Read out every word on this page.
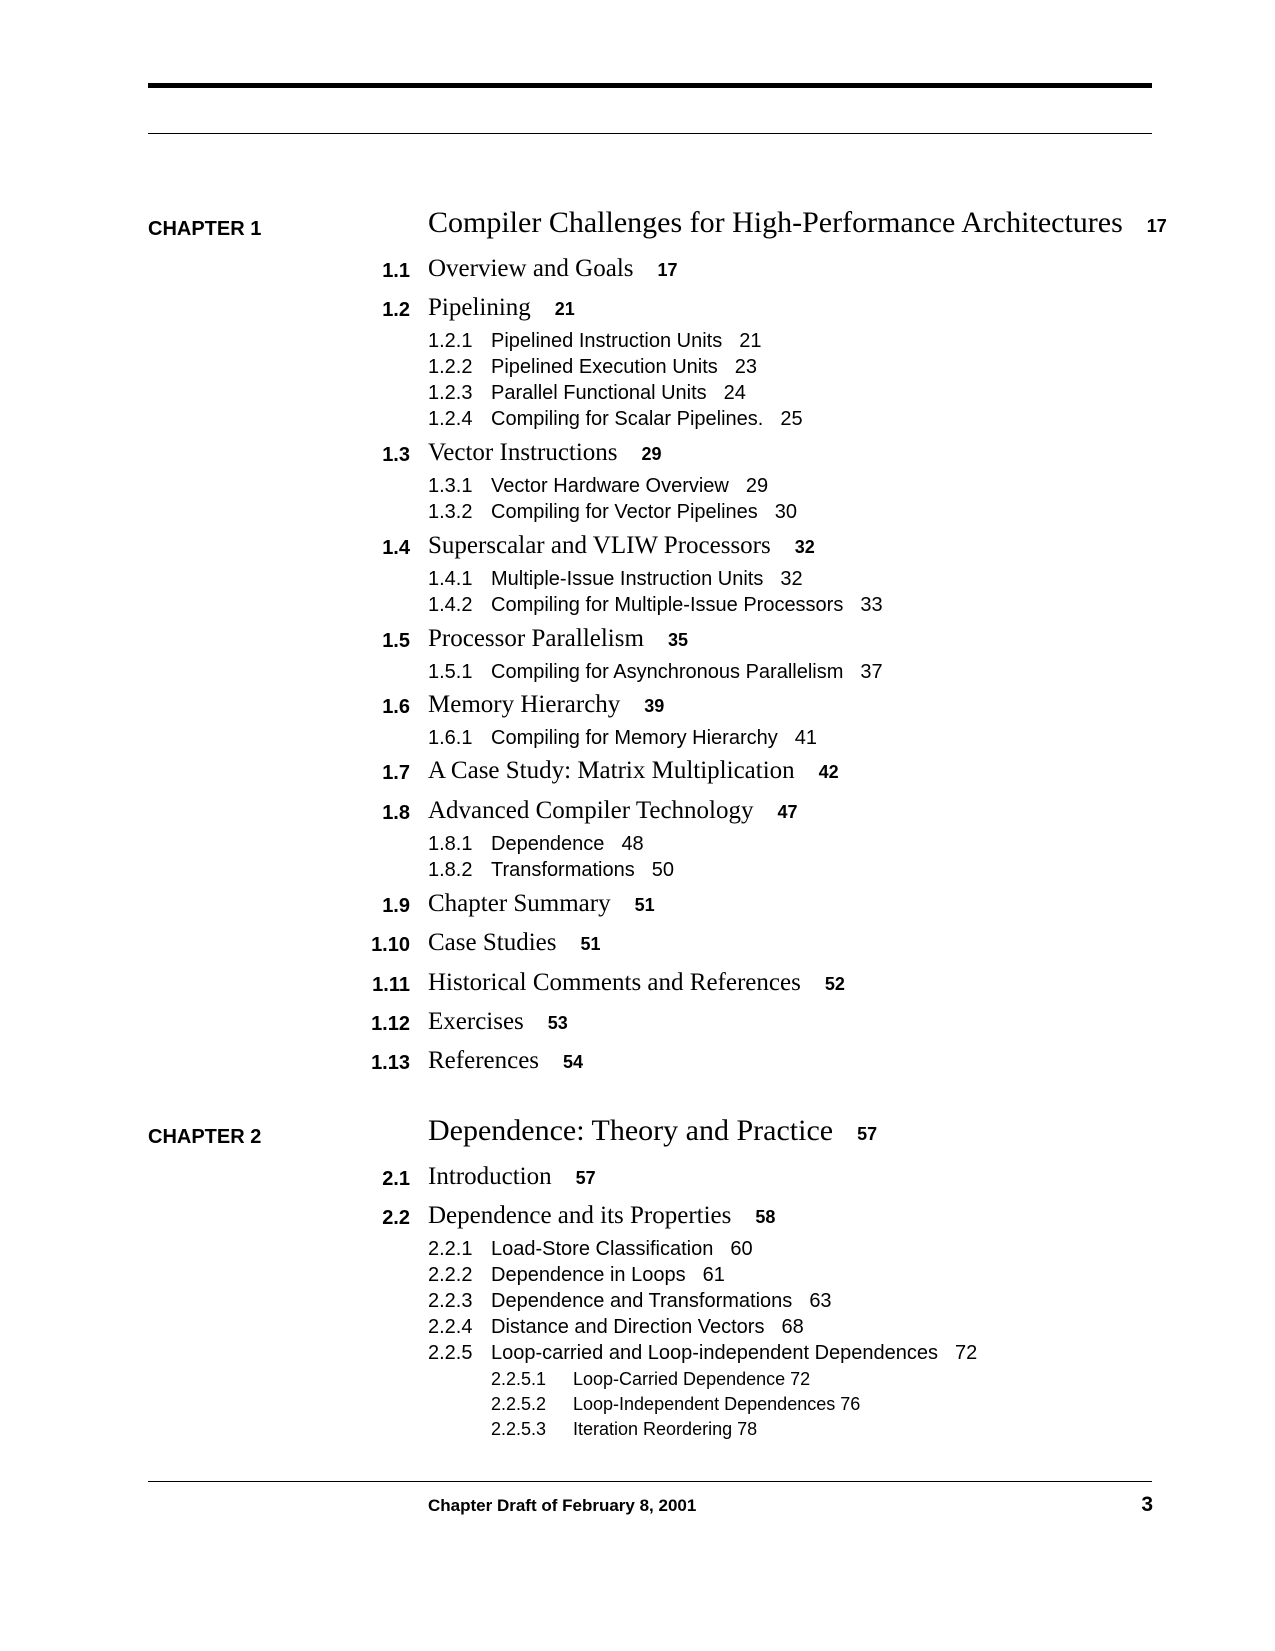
CHAPTER 1	Compiler Challenges for High-Performance Architectures 17
1.1 Overview and Goals 17
1.2 Pipelining 21
1.2.1 Pipelined Instruction Units 21
1.2.2 Pipelined Execution Units 23
1.2.3 Parallel Functional Units 24
1.2.4 Compiling for Scalar Pipelines. 25
1.3 Vector Instructions 29
1.3.1 Vector Hardware Overview 29
1.3.2 Compiling for Vector Pipelines 30
1.4 Superscalar and VLIW Processors 32
1.4.1 Multiple-Issue Instruction Units 32
1.4.2 Compiling for Multiple-Issue Processors 33
1.5 Processor Parallelism 35
1.5.1 Compiling for Asynchronous Parallelism 37
1.6 Memory Hierarchy 39
1.6.1 Compiling for Memory Hierarchy 41
1.7 A Case Study: Matrix Multiplication 42
1.8 Advanced Compiler Technology 47
1.8.1 Dependence 48
1.8.2 Transformations 50
1.9 Chapter Summary 51
1.10 Case Studies 51
1.11 Historical Comments and References 52
1.12 Exercises 53
1.13 References 54
CHAPTER 2	Dependence: Theory and Practice 57
2.1 Introduction 57
2.2 Dependence and its Properties 58
2.2.1 Load-Store Classification 60
2.2.2 Dependence in Loops 61
2.2.3 Dependence and Transformations 63
2.2.4 Distance and Direction Vectors 68
2.2.5 Loop-carried and Loop-independent Dependences 72
2.2.5.1 Loop-Carried Dependence 72
2.2.5.2 Loop-Independent Dependences 76
2.2.5.3 Iteration Reordering 78
Chapter Draft of February 8, 2001	3
